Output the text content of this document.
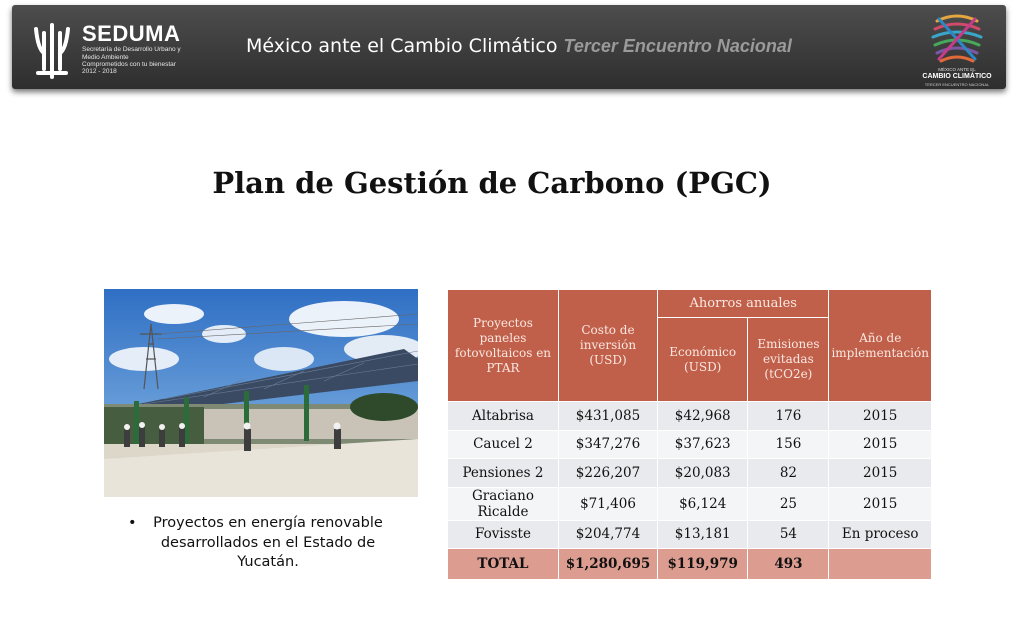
SEDUMA
Secretaría de Desarrollo Urbano y Medio Ambiente
Comprometidos con tu bienestar
2012 - 2018
México ante el Cambio Climático Tercer Encuentro Nacional
MÉXICO ANTE EL
CAMBIO CLIMÁTICO
TERCER ENCUENTRO NACIONAL
Plan de Gestión de Carbono (PGC)
•	Proyectos en energía renovable desarrollados en el Estado de Yucatán.
Proyectos paneles fotovoltaicos en PTAR	Costo de inversión (USD)	Ahorros anuales		Año de implementación
		Económico (USD)	Emisiones evitadas (tCO2e)	
Altabrisa	$431,085	$42,968	176	2015
Caucel 2	$347,276	$37,623	156	2015
Pensiones 2	$226,207	$20,083	82	2015
Graciano Ricalde	$71,406	$6,124	25	2015
Fovisste	$204,774	$13,181	54	En proceso
TOTAL	$1,280,695	$119,979	493	
